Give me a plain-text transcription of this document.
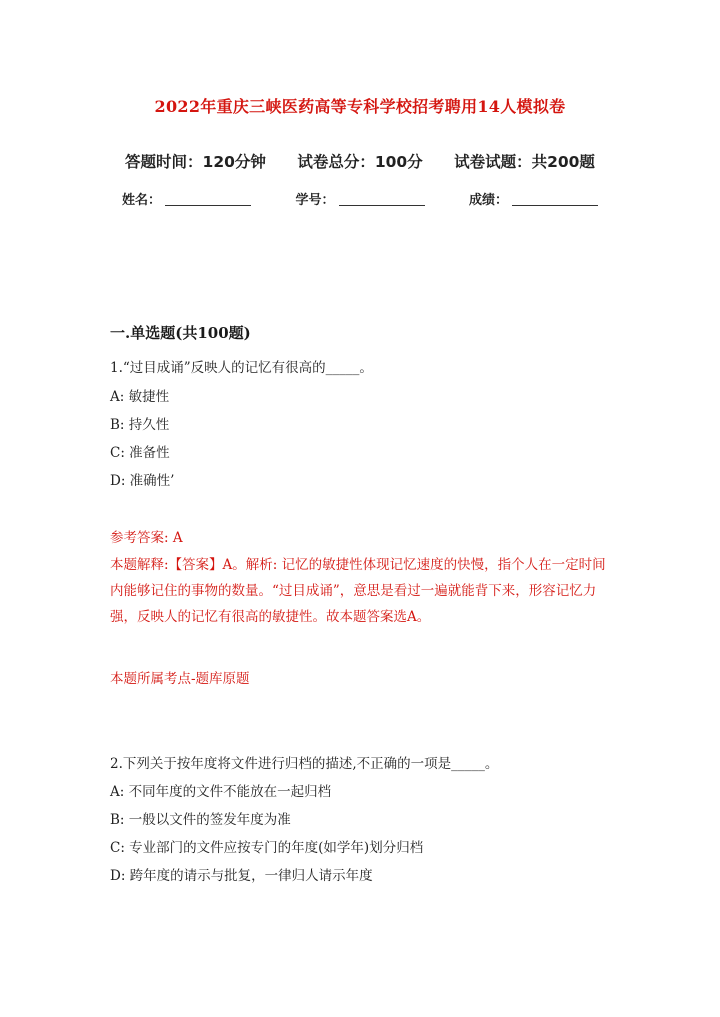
2022年重庆三峡医药高等专科学校招考聘用14人模拟卷
答题时间：120分钟 试卷总分：100分 试卷试题：共200题
姓名：	学号：	成绩：
一.单选题(共100题)
1.“过目成诵”反映人的记忆有很高的_____。
A: 敏捷性
B: 持久性
C: 准备性
D: 准确性’
参考答案: A
本题解释:【答案】A。解析: 记忆的敏捷性体现记忆速度的快慢，指个人在一定时间内能够记住的事物的数量。“过目成诵”，意思是看过一遍就能背下来，形容记忆力强，反映人的记忆有很高的敏捷性。故本题答案选A。
本题所属考点-题库原题
2.下列关于按年度将文件进行归档的描述,不正确的一项是_____。
A: 不同年度的文件不能放在一起归档
B: 一般以文件的签发年度为准
C: 专业部门的文件应按专门的年度(如学年)划分归档
D: 跨年度的请示与批复，一律归人请示年度
